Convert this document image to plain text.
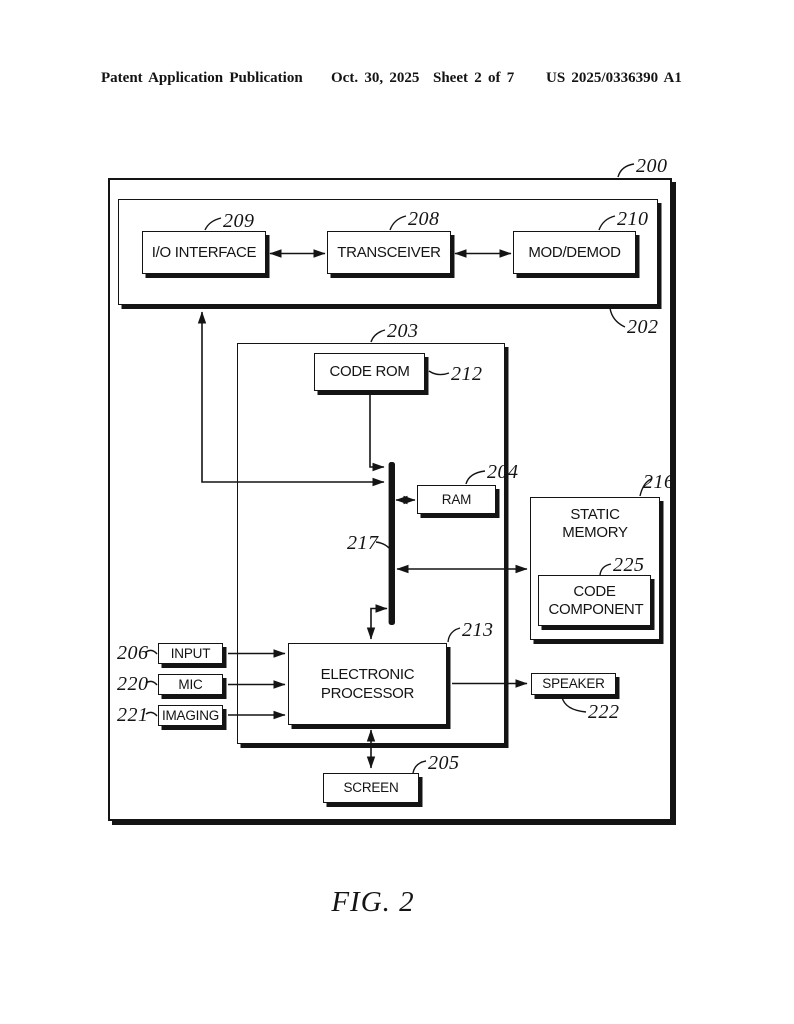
Patent Application Publication Oct. 30, 2025 Sheet 2 of 7 US 2025/0336390 A1
I/O INTERFACE	TRANSCEIVER	MOD/DEMOD
CODE ROM
RAM
STATIC MEMORY
CODE COMPONENT
ELECTRONIC PROCESSOR
INPUT
MIC
IMAGING
SPEAKER
SCREEN
200
202
203
209	208	210
212
204	216
225
217
213
206
220
221	222
205
FIG. 2
